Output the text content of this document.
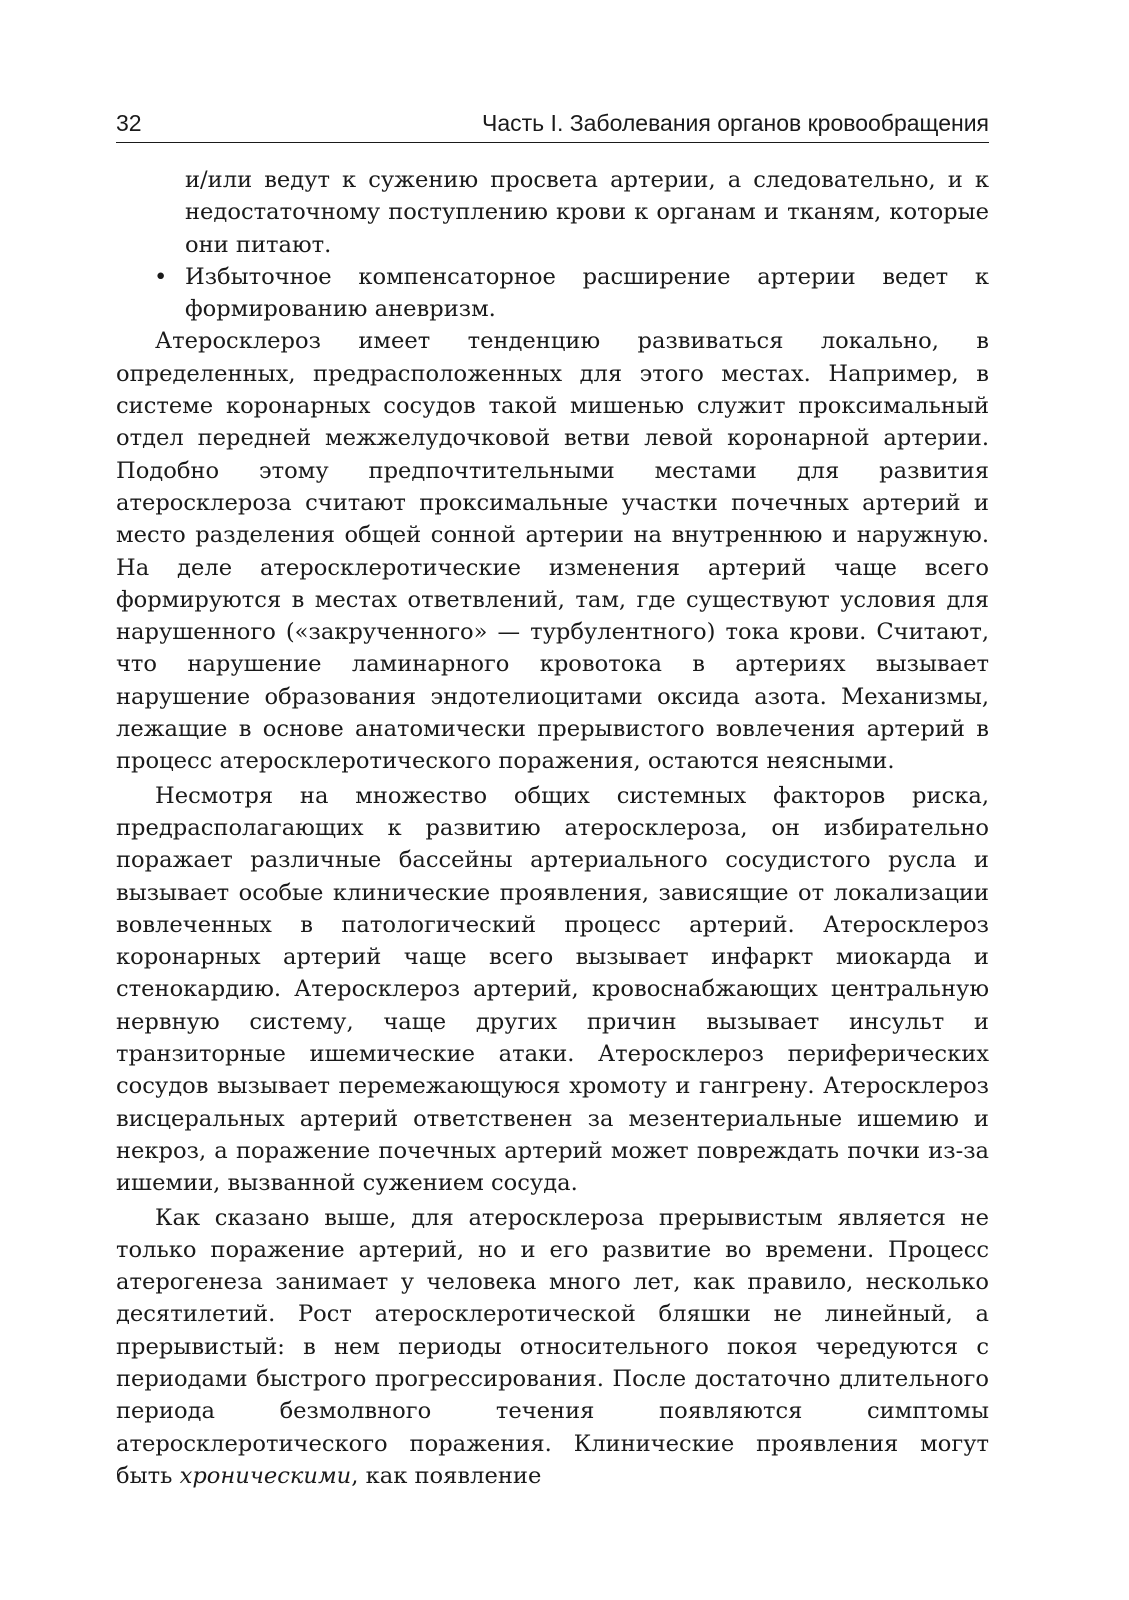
32	Часть I. Заболевания органов кровообращения

и/или ведут к сужению просвета артерии, а следовательно, и к недостаточному поступлению крови к органам и тканям, которые они питают.

• Избыточное компенсаторное расширение артерии ведет к формированию аневризм.

Атеросклероз имеет тенденцию развиваться локально, в определенных, предрасположенных для этого местах. Например, в системе коронарных сосудов такой мишенью служит проксимальный отдел передней межжелудочковой ветви левой коронарной артерии. Подобно этому предпочтительными местами для развития атеросклероза считают проксимальные участки почечных артерий и место разделения общей сонной артерии на внутреннюю и наружную. На деле атеросклеротические изменения артерий чаще всего формируются в местах ответвлений, там, где существуют условия для нарушенного («закрученного» — турбулентного) тока крови. Считают, что нарушение ламинарного кровотока в артериях вызывает нарушение образования эндотелиоцитами оксида азота. Механизмы, лежащие в основе анатомически прерывистого вовлечения артерий в процесс атеросклеротического поражения, остаются неясными.

Несмотря на множество общих системных факторов риска, предрасполагающих к развитию атеросклероза, он избирательно поражает различные бассейны артериального сосудистого русла и вызывает особые клинические проявления, зависящие от локализации вовлеченных в патологический процесс артерий. Атеросклероз коронарных артерий чаще всего вызывает инфаркт миокарда и стенокардию. Атеросклероз артерий, кровоснабжающих центральную нервную систему, чаще других причин вызывает инсульт и транзиторные ишемические атаки. Атеросклероз периферических сосудов вызывает перемежающуюся хромоту и гангрену. Атеросклероз висцеральных артерий ответственен за мезентериальные ишемию и некроз, а поражение почечных артерий может повреждать почки из-за ишемии, вызванной сужением сосуда.

Как сказано выше, для атеросклероза прерывистым является не только поражение артерий, но и его развитие во времени. Процесс атерогенеза занимает у человека много лет, как правило, несколько десятилетий. Рост атеросклеротической бляшки не линейный, а прерывистый: в нем периоды относительного покоя чередуются с периодами быстрого прогрессирования. После достаточно длительного периода безмолвного течения появляются симптомы атеросклеротического поражения. Клинические проявления могут быть хроническими, как появление
